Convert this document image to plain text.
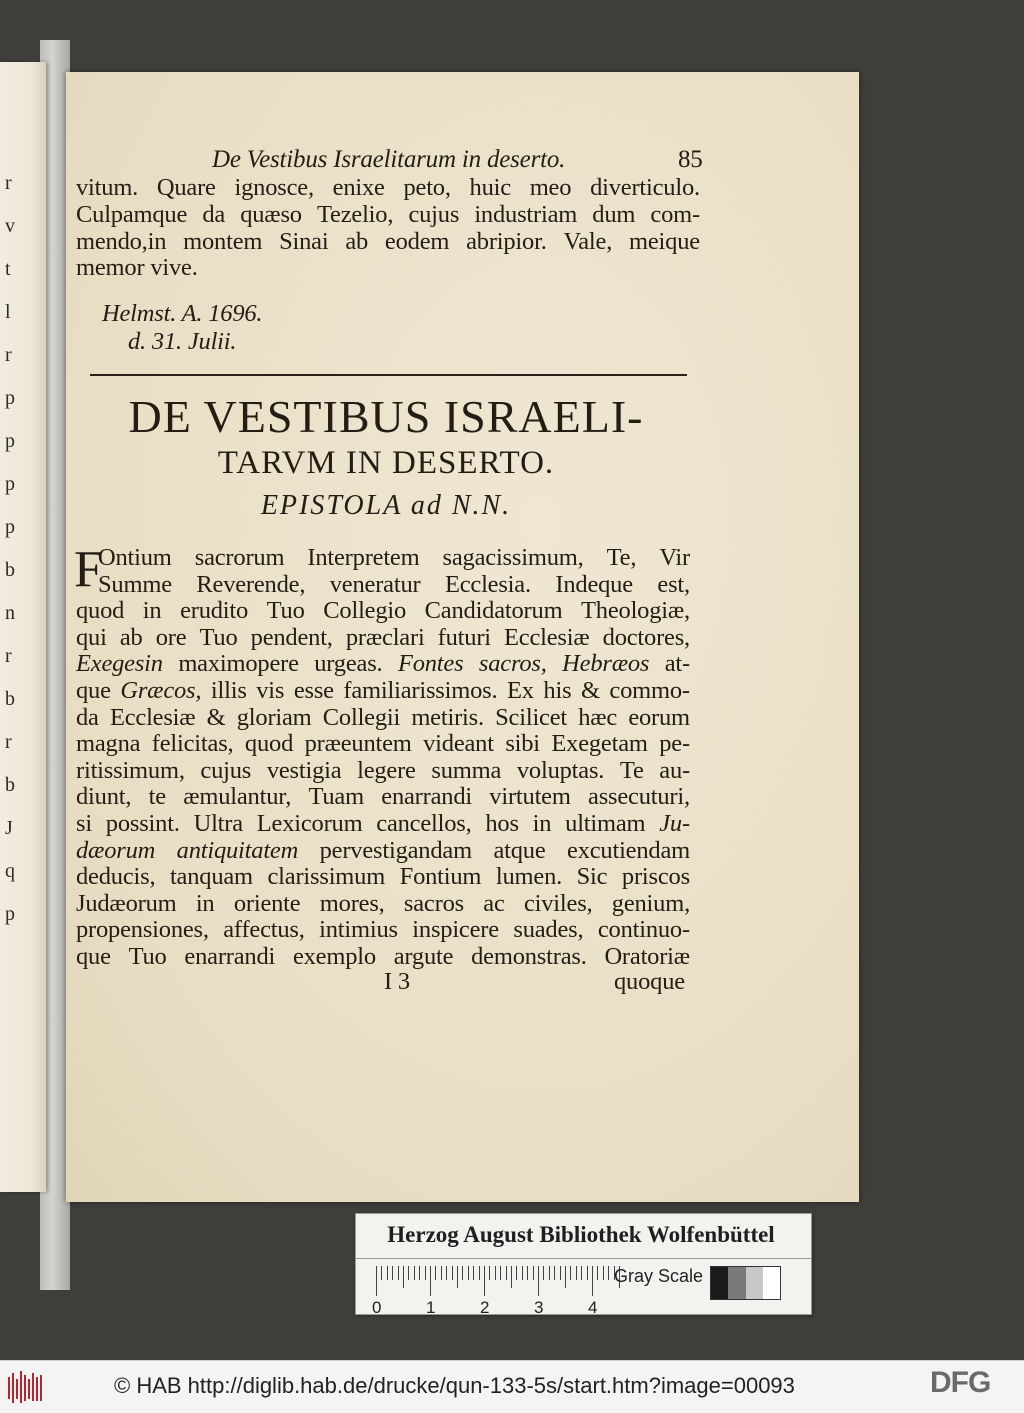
r
v
t
l
r
p
p
p
p
b
n
r
b
r
b
J
q
p
De Vestibus Israelitarum in deserto.	85
vitum. Quare ignosce, enixe peto, huic meo diverticulo.
Culpamque da quæso Tezelio, cujus industriam dum com-
mendo,in montem Sinai ab eodem abripior. Vale, meique
memor vive.
Helmst. A. 1696.
d. 31. Julii.
DE VESTIBUS ISRAELI-
TARVM IN DESERTO.
EPISTOLA ad N.N.
F
Ontium sacrorum Interpretem sagacissimum, Te, Vir
Summe Reverende, veneratur Ecclesia. Indeque est,
quod in erudito Tuo Collegio Candidatorum Theologiæ,
qui ab ore Tuo pendent, præclari futuri Ecclesiæ doctores,
Exegesin maximopere urgeas. Fontes sacros, Hebræos at-
que Græcos, illis vis esse familiarissimos. Ex his & commo-
da Ecclesiæ & gloriam Collegii metiris. Scilicet hæc eorum
magna felicitas, quod præeuntem videant sibi Exegetam pe-
ritissimum, cujus vestigia legere summa voluptas. Te au-
diunt, te æmulantur, Tuam enarrandi virtutem assecuturi,
si possint. Ultra Lexicorum cancellos, hos in ultimam Ju-
dæorum antiquitatem pervestigandam atque excutiendam
deducis, tanquam clarissimum Fontium lumen. Sic priscos
Judæorum in oriente mores, sacros ac civiles, genium,
propensiones, affectus, intimius inspicere suades, continuo-
que Tuo enarrandi exemplo argute demonstras. Oratoriæ
I 3	quoque
Herzog August Bibliothek Wolfenbüttel
0	1	2	3	4
Gray Scale
© HAB http://diglib.hab.de/drucke/qun-133-5s/start.htm?image=00093	DFG
